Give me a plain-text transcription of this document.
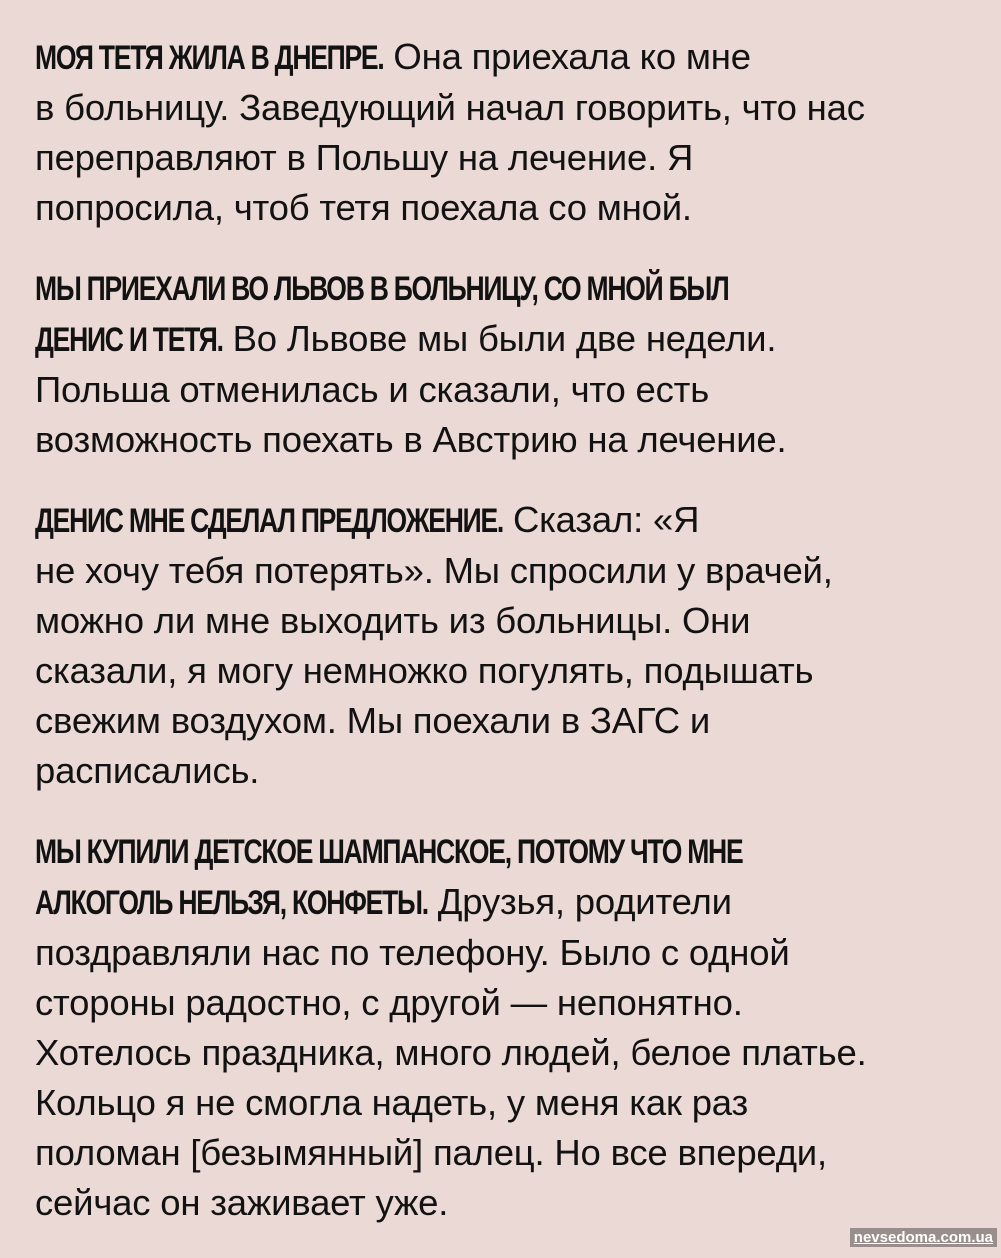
МОЯ ТЕТЯ ЖИЛА В ДНЕПРЕ. Она приехала ко мне
в больницу. Заведующий начал говорить, что нас
переправляют в Польшу на лечение. Я
попросила, чтоб тетя поехала со мной.
МЫ ПРИЕХАЛИ ВО ЛЬВОВ В БОЛЬНИЦУ, СО МНОЙ БЫЛ
ДЕНИС И ТЕТЯ. Во Львове мы были две недели.
Польша отменилась и сказали, что есть
возможность поехать в Австрию на лечение.
ДЕНИС МНЕ СДЕЛАЛ ПРЕДЛОЖЕНИЕ. Сказал: «Я
не хочу тебя потерять». Мы спросили у врачей,
можно ли мне выходить из больницы. Они
сказали, я могу немножко погулять, подышать
свежим воздухом. Мы поехали в ЗАГС и
расписались.
МЫ КУПИЛИ ДЕТСКОЕ ШАМПАНСКОЕ, ПОТОМУ ЧТО МНЕ
АЛКОГОЛЬ НЕЛЬЗЯ, КОНФЕТЫ. Друзья, родители
поздравляли нас по телефону. Было с одной
стороны радостно, с другой — непонятно.
Хотелось праздника, много людей, белое платье.
Кольцо я не смогла надеть, у меня как раз
поломан [безымянный] палец. Но все впереди,
сейчас он заживает уже.
nevsedoma.com.ua
